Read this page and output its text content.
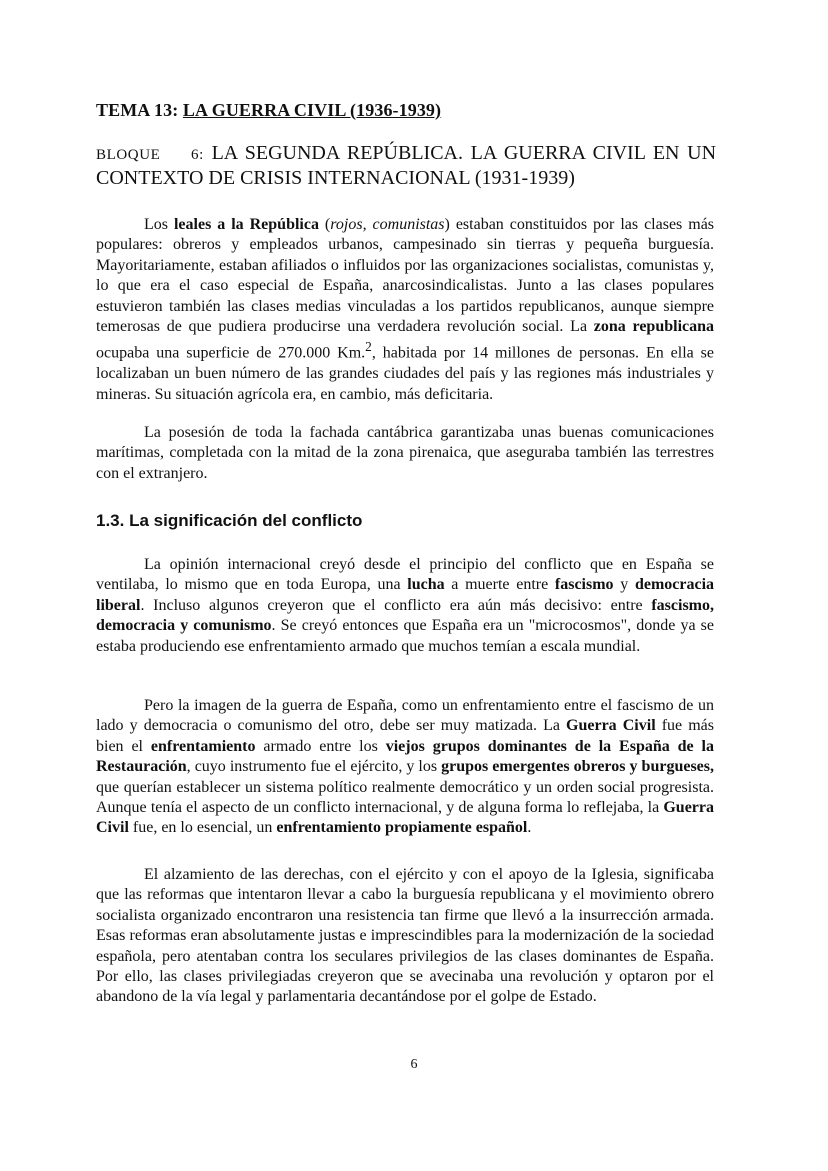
TEMA 13: LA GUERRA CIVIL (1936-1939)
BLOQUE 6: LA SEGUNDA REPÚBLICA. LA GUERRA CIVIL EN UN CONTEXTO DE CRISIS INTERNACIONAL (1931-1939)

Los leales a la República (rojos, comunistas) estaban constituidos por las clases más populares: obreros y empleados urbanos, campesinado sin tierras y pequeña burguesía. Mayoritariamente, estaban afiliados o influidos por las organizaciones socialistas, comunistas y, lo que era el caso especial de España, anarcosindicalistas. Junto a las clases populares estuvieron también las clases medias vinculadas a los partidos republicanos, aunque siempre temerosas de que pudiera producirse una verdadera revolución social. La zona republicana ocupaba una superficie de 270.000 Km.$^2$, habitada por 14 millones de personas. En ella se localizaban un buen número de las grandes ciudades del país y las regiones más industriales y mineras. Su situación agrícola era, en cambio, más deficitaria.

La posesión de toda la fachada cantábrica garantizaba unas buenas comunicaciones marítimas, completada con la mitad de la zona pirenaica, que aseguraba también las terrestres con el extranjero.

1.3. La significación del conflicto

La opinión internacional creyó desde el principio del conflicto que en España se ventilaba, lo mismo que en toda Europa, una lucha a muerte entre fascismo y democracia liberal. Incluso algunos creyeron que el conflicto era aún más decisivo: entre fascismo, democracia y comunismo. Se creyó entonces que España era un "microcosmos", donde ya se estaba produciendo ese enfrentamiento armado que muchos temían a escala mundial.

Pero la imagen de la guerra de España, como un enfrentamiento entre el fascismo de un lado y democracia o comunismo del otro, debe ser muy matizada. La Guerra Civil fue más bien el enfrentamiento armado entre los viejos grupos dominantes de la España de la Restauración, cuyo instrumento fue el ejército, y los grupos emergentes obreros y burgueses, que querían establecer un sistema político realmente democrático y un orden social progresista. Aunque tenía el aspecto de un conflicto internacional, y de alguna forma lo reflejaba, la Guerra Civil fue, en lo esencial, un enfrentamiento propiamente español.

El alzamiento de las derechas, con el ejército y con el apoyo de la Iglesia, significaba que las reformas que intentaron llevar a cabo la burguesía republicana y el movimiento obrero socialista organizado encontraron una resistencia tan firme que llevó a la insurrección armada. Esas reformas eran absolutamente justas e imprescindibles para la modernización de la sociedad española, pero atentaban contra los seculares privilegios de las clases dominantes de España. Por ello, las clases privilegiadas creyeron que se avecinaba una revolución y optaron por el abandono de la vía legal y parlamentaria decantándose por el golpe de Estado.

6
